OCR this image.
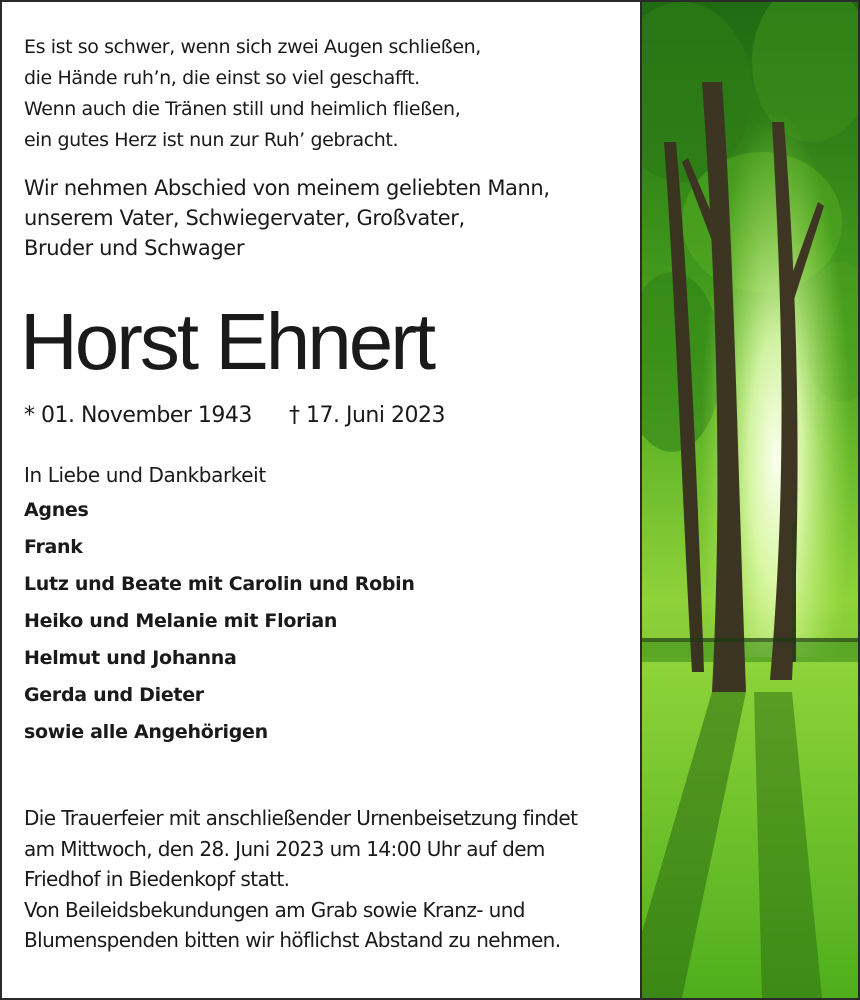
Es ist so schwer, wenn sich zwei Augen schließen,
die Hände ruh’n, die einst so viel geschafft.
Wenn auch die Tränen still und heimlich fließen,
ein gutes Herz ist nun zur Ruh’ gebracht.
Wir nehmen Abschied von meinem geliebten Mann,
unserem Vater, Schwiegervater, Großvater,
Bruder und Schwager
Horst Ehnert
* 01. November 1943 † 17. Juni 2023
In Liebe und Dankbarkeit
Agnes
Frank
Lutz und Beate mit Carolin und Robin
Heiko und Melanie mit Florian
Helmut und Johanna
Gerda und Dieter
sowie alle Angehörigen
Die Trauerfeier mit anschließender Urnenbeisetzung findet
am Mittwoch, den 28. Juni 2023 um 14:00 Uhr auf dem
Friedhof in Biedenkopf statt.
Von Beileidsbekundungen am Grab sowie Kranz- und
Blumenspenden bitten wir höflichst Abstand zu nehmen.
